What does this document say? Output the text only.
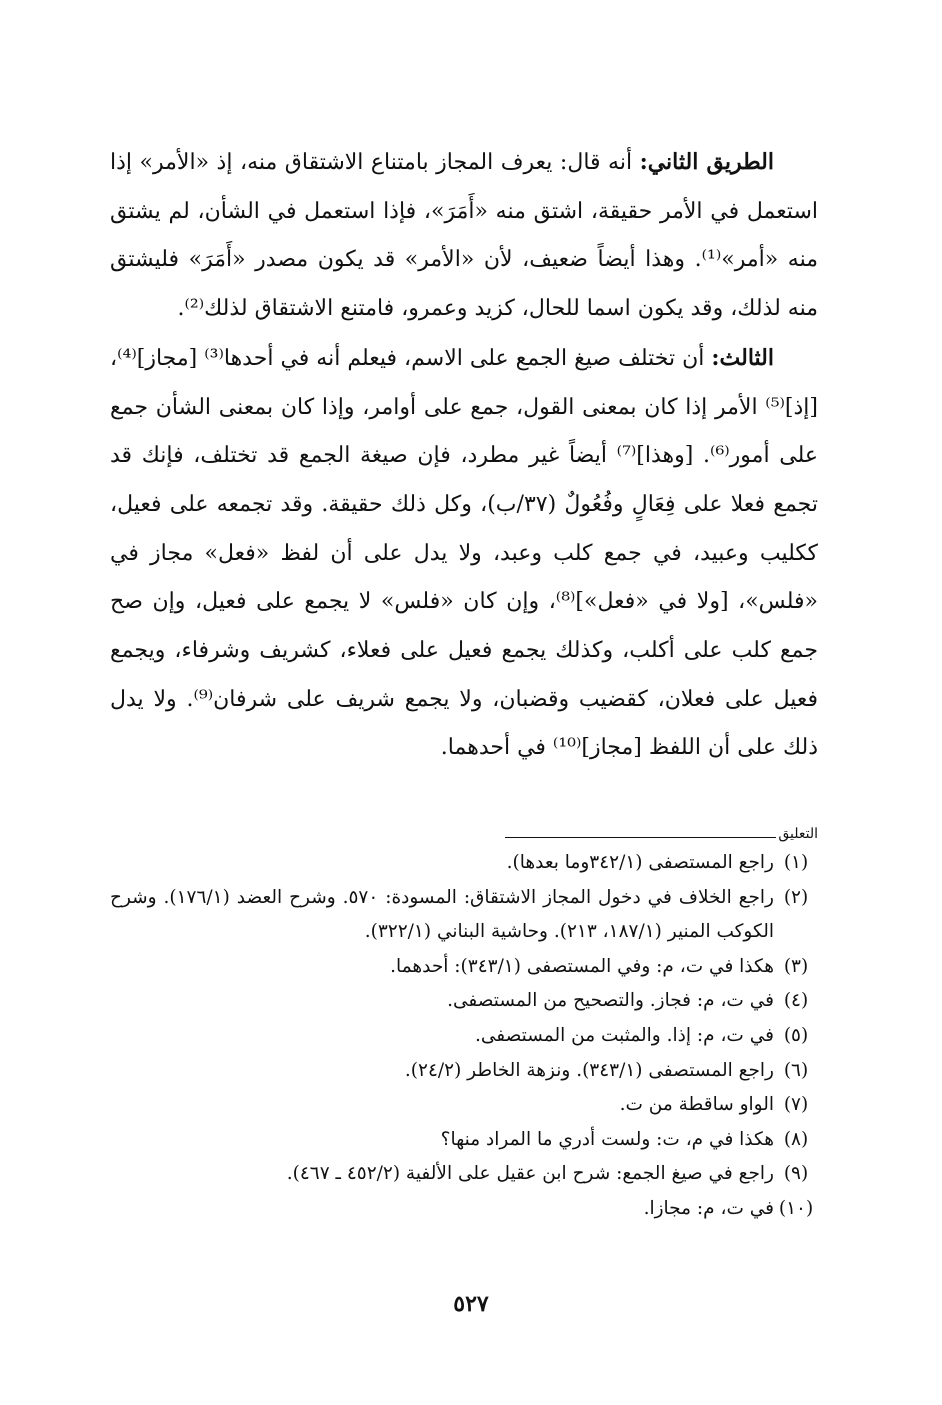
الطريق الثاني: أنه قال: يعرف المجاز بامتناع الاشتقاق منه، إذ «الأمر» إذا استعمل في الأمر حقيقة، اشتق منه «أَمَرَ»، فإذا استعمل في الشأن، لم يشتق منه «أمر»⁽¹⁾. وهذا أيضاً ضعيف، لأن «الأمر» قد يكون مصدر «أَمَرَ» فليشتق منه لذلك، وقد يكون اسما للحال، كزيد وعمرو، فامتنع الاشتقاق لذلك⁽²⁾.

الثالث: أن تختلف صيغ الجمع على الاسم، فيعلم أنه في أحدها⁽³⁾ [مجاز]⁽⁴⁾، [إذ]⁽⁵⁾ الأمر إذا كان بمعنى القول، جمع على أوامر، وإذا كان بمعنى الشأن جمع على أمور⁽⁶⁾. [وهذا]⁽⁷⁾ أيضاً غير مطرد، فإن صيغة الجمع قد تختلف، فإنك قد تجمع فعلا على فِعَالٍ وفُعُولٌ (٣٧/ب)، وكل ذلك حقيقة. وقد تجمعه على فعيل، ككليب وعبيد، في جمع كلب وعبد، ولا يدل على أن لفظ «فعل» مجاز في «فلس»، [ولا في «فعل»]⁽⁸⁾، وإن كان «فلس» لا يجمع على فعيل، وإن صح جمع كلب على أكلب، وكذلك يجمع فعيل على فعلاء، كشريف وشرفاء، ويجمع فعيل على فعلان، كقضيب وقضبان، ولا يجمع شريف على شرفان⁽⁹⁾. ولا يدل ذلك على أن اللفظ [مجاز]⁽¹⁰⁾ في أحدهما.

التعليق
(١)
راجع المستصفى (٣٤٢/١وما بعدها).
(٢)
راجع الخلاف في دخول المجاز الاشتقاق: المسودة: ٥٧٠. وشرح العضد (١٧٦/١). وشرح الكوكب المنير (١٨٧/١، ٢١٣). وحاشية البناني (٣٢٢/١).
(٣)
هكذا في ت، م: وفي المستصفى (٣٤٣/١): أحدهما.
(٤)
في ت، م: فجاز. والتصحيح من المستصفى.
(٥)
في ت، م: إذا. والمثبت من المستصفى.
(٦)
راجع المستصفى (٣٤٣/١). ونزهة الخاطر (٢٤/٢).
(٧)
الواو ساقطة من ت.
(٨)
هكذا في م، ت: ولست أدري ما المراد منها؟
(٩)
راجع في صيغ الجمع: شرح ابن عقيل على الألفية (٤٥٢/٢ ـ ٤٦٧).
(١٠)
في ت، م: مجازا.
٥٢٧
